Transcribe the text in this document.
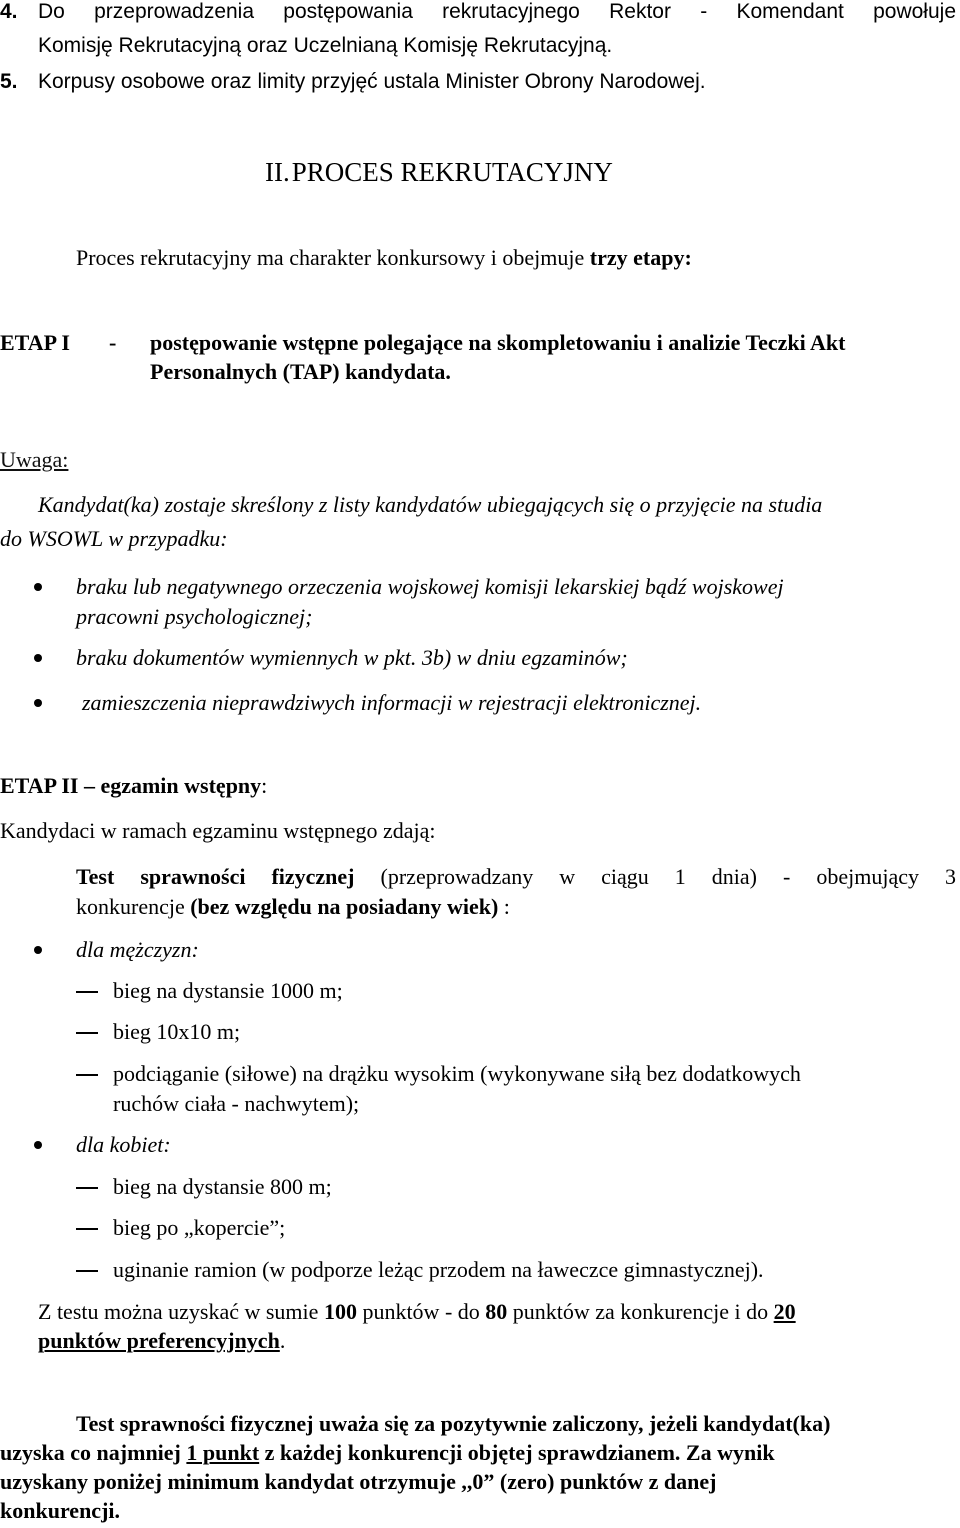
4. Do przeprowadzenia postępowania rekrutacyjnego Rektor - Komendant powołuje
Komisję Rekrutacyjną oraz Uczelnianą Komisję Rekrutacyjną.
5. Korpusy osobowe oraz limity przyjęć ustala Minister Obrony Narodowej.
II.PROCES REKRUTACYJNY
Proces rekrutacyjny ma charakter konkursowy i obejmuje trzy etapy:
ETAP I - postępowanie wstępne polegające na skompletowaniu i analizie Teczki Akt
Personalnych (TAP) kandydata.
Uwaga:
Kandydat(ka) zostaje skreślony z listy kandydatów ubiegających się o przyjęcie na studia
do WSOWL w przypadku:
braku lub negatywnego orzeczenia wojskowej komisji lekarskiej bądź wojskowej
pracowni psychologicznej;
braku dokumentów wymiennych w pkt. 3b) w dniu egzaminów;
zamieszczenia nieprawdziwych informacji w rejestracji elektronicznej.
ETAP II – egzamin wstępny:
Kandydaci w ramach egzaminu wstępnego zdają:
Test sprawności fizycznej (przeprowadzany w ciągu 1 dnia) - obejmujący 3
konkurencje (bez względu na posiadany wiek) :
dla mężczyzn:
bieg na dystansie 1000 m;
bieg 10x10 m;
podciąganie (siłowe) na drążku wysokim (wykonywane siłą bez dodatkowych
ruchów ciała - nachwytem);
dla kobiet:
bieg na dystansie 800 m;
bieg po „kopercie”;
uginanie ramion (w podporze leżąc przodem na ławeczce gimnastycznej).
Z testu można uzyskać w sumie 100 punktów - do 80 punktów za konkurencje i do 20
punktów preferencyjnych.
Test sprawności fizycznej uważa się za pozytywnie zaliczony, jeżeli kandydat(ka)
uzyska co najmniej 1 punkt z każdej konkurencji objętej sprawdzianem. Za wynik
uzyskany poniżej minimum kandydat otrzymuje ,,0” (zero) punktów z danej
konkurencji.
